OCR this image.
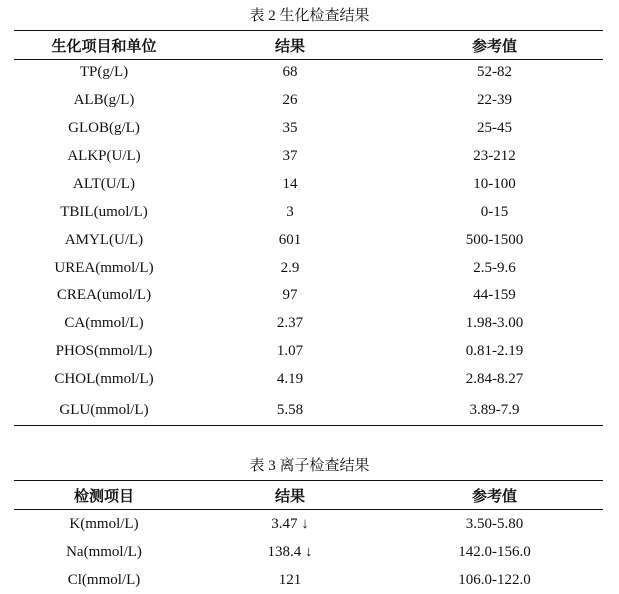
表 2 生化检查结果
生化项目和单位	结果	参考值
TP(g/L)	68	52-82
ALB(g/L)	26	22-39
GLOB(g/L)	35	25-45
ALKP(U/L)	37	23-212
ALT(U/L)	14	10-100
TBIL(umol/L)	3	0-15
AMYL(U/L)	601	500-1500
UREA(mmol/L)	2.9	2.5-9.6
CREA(umol/L)	97	44-159
CA(mmol/L)	2.37	1.98-3.00
PHOS(mmol/L)	1.07	0.81-2.19
CHOL(mmol/L)	4.19	2.84-8.27
GLU(mmol/L)	5.58	3.89-7.9
表 3 离子检查结果
检测项目	结果	参考值
K(mmol/L)	3.47 ↓	3.50-5.80
Na(mmol/L)	138.4 ↓	142.0-156.0
Cl(mmol/L)	121	106.0-122.0
